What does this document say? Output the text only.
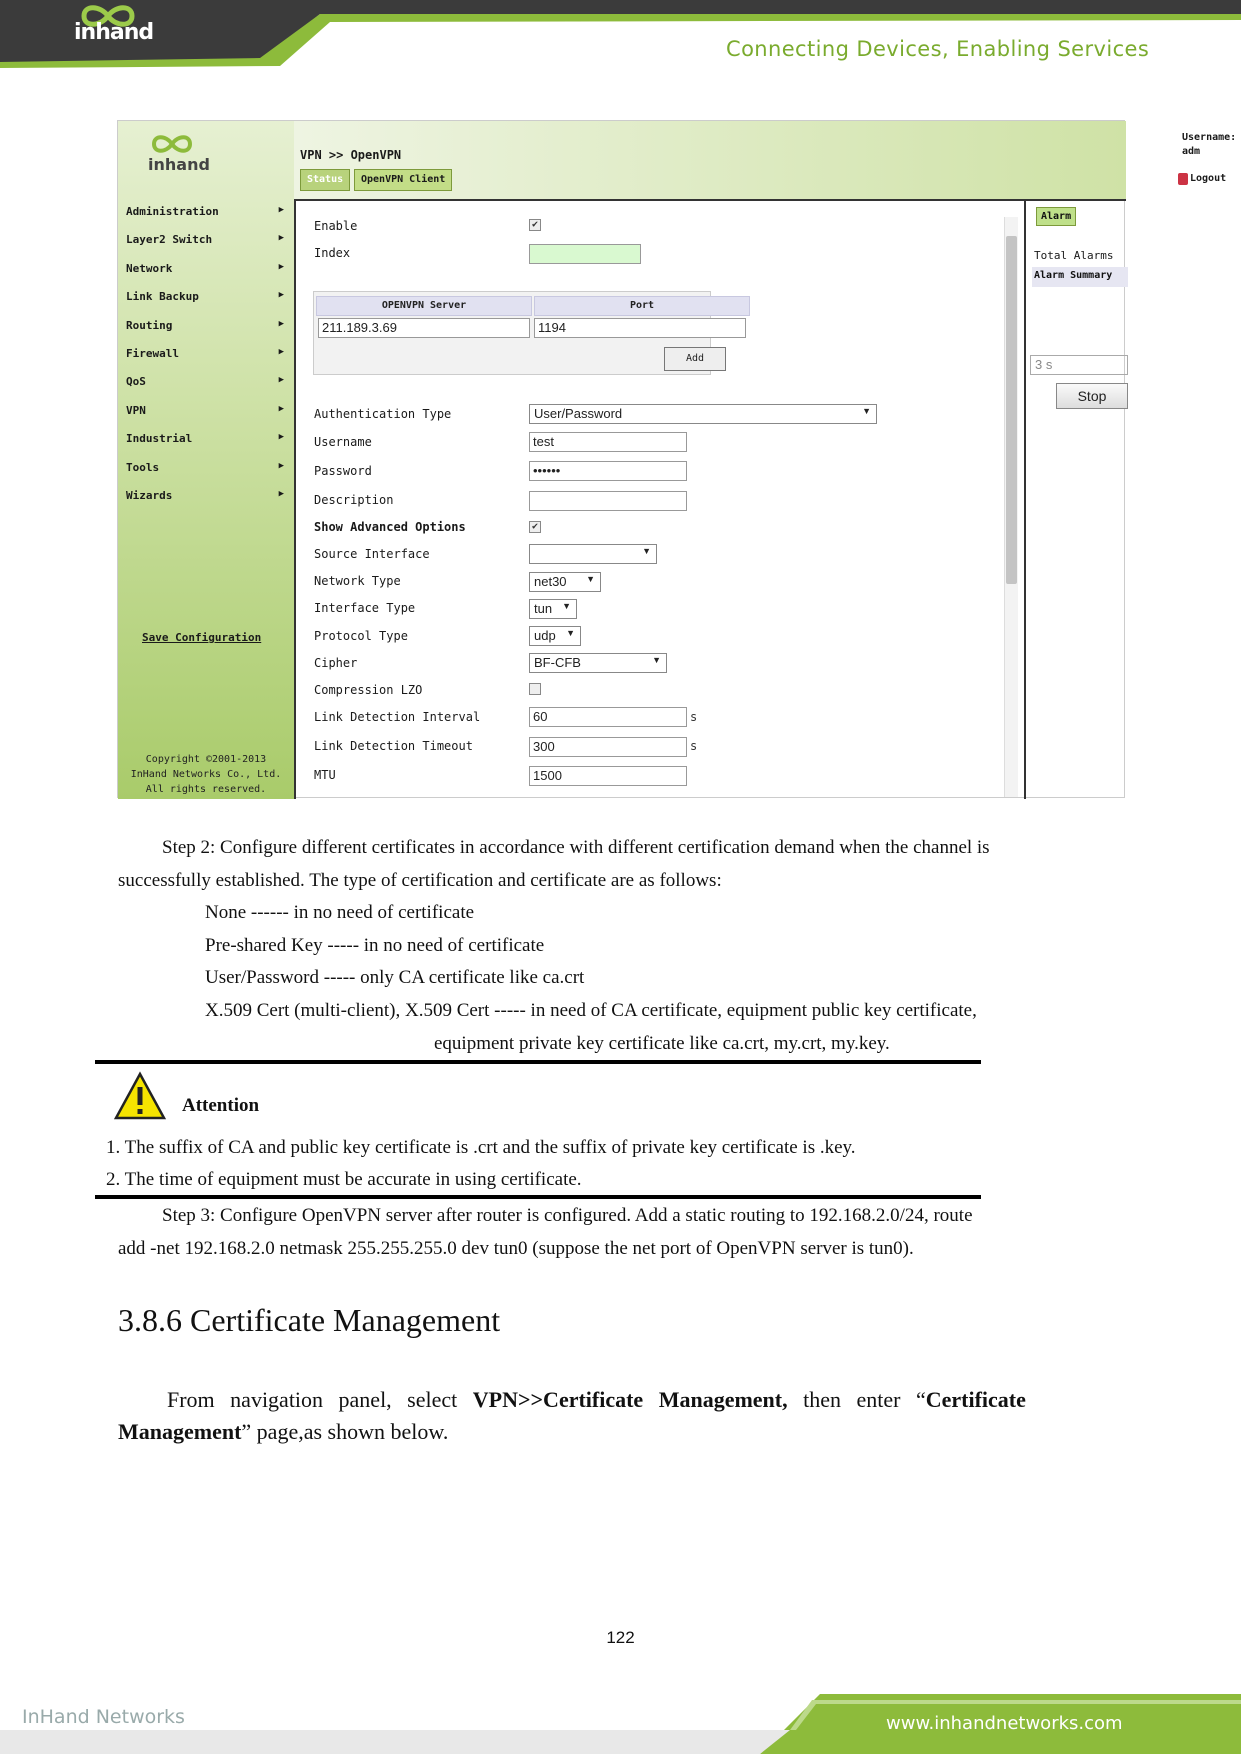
inhand
Connecting Devices, Enabling Services
inhand
Administration	▶
Layer2 Switch	▶
Network	▶
Link Backup	▶
Routing	▶
Firewall	▶
QoS	▶
VPN	▶
Industrial	▶
Tools	▶
Wizards	▶
Save Configuration
Copyright ©2001-2013
InHand Networks Co., Ltd.
All rights reserved.
VPN >> OpenVPN
Status	OpenVPN Client
Username:
adm
Logout
Enable	✔
Index
OPENVPN Server	Port
211.189.3.69	1194
Add
Authentication Type	User/Password	▼
Username	test
Password	••••••
Description
Show Advanced Options	✔
Source Interface	▼
Network Type	net30 ▼
Interface Type	tun ▼
Protocol Type	udp ▼
Cipher	BF-CFB	▼
Compression LZO
Link Detection Interval	60	s
Link Detection Timeout	300	s
MTU	1500
Alarm
Total Alarms
Alarm Summary
3 s
Stop
Step 2: Configure different certificates in accordance with different certification demand when the channel is
successfully established. The type of certification and certificate are as follows:
None ------ in no need of certificate
Pre-shared Key ----- in no need of certificate
User/Password ----- only CA certificate like ca.crt
X.509 Cert (multi-client), X.509 Cert ----- in need of CA certificate, equipment public key certificate,
equipment private key certificate like ca.crt, my.crt, my.key.
Attention
1. The suffix of CA and public key certificate is .crt and the suffix of private key certificate is .key.
2. The time of equipment must be accurate in using certificate.
Step 3: Configure OpenVPN server after router is configured. Add a static routing to 192.168.2.0/24, route
add -net 192.168.2.0 netmask 255.255.255.0 dev tun0 (suppose the net port of OpenVPN server is tun0).
3.8.6 Certificate Management
From navigation panel, select VPN>>Certificate Management, then enter “Certificate
Management” page,as shown below.
122
InHand Networks	www.inhandnetworks.com
